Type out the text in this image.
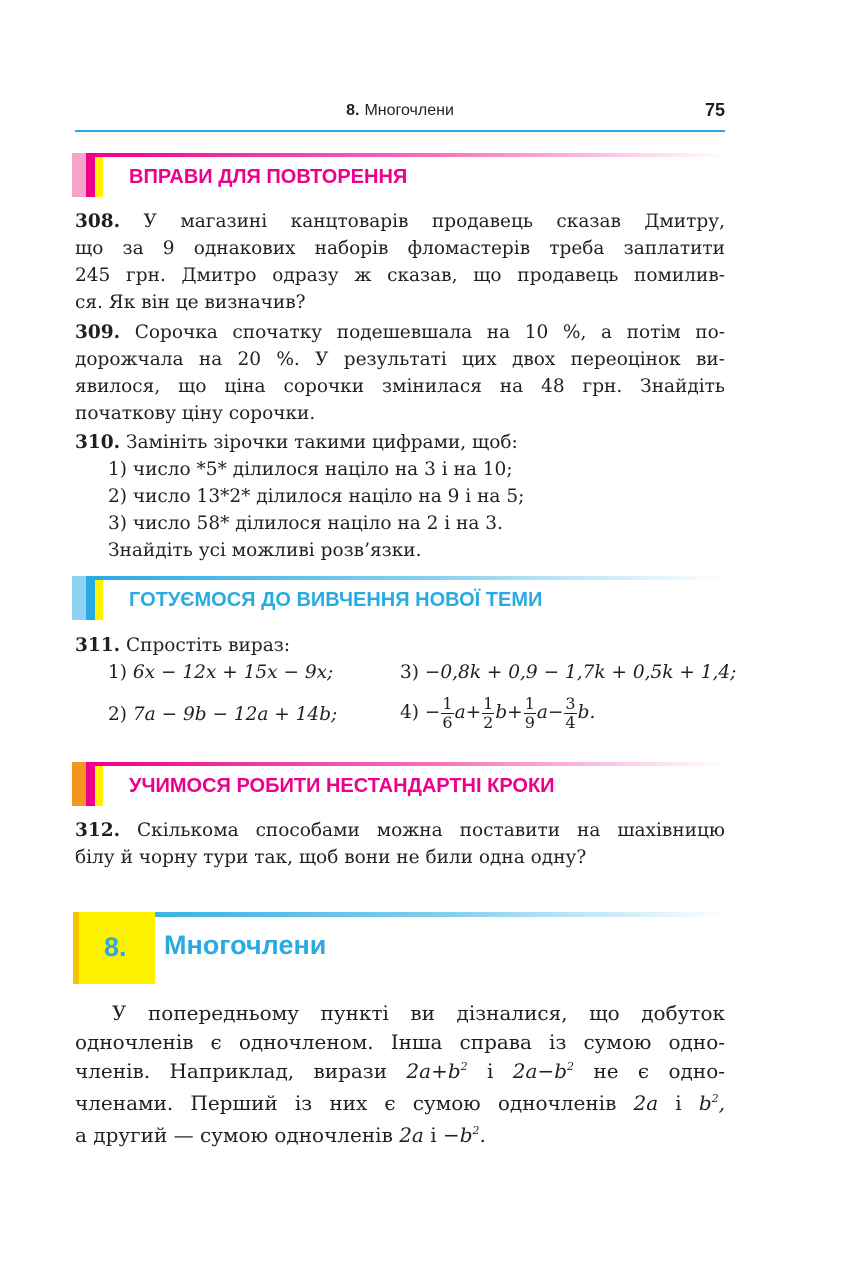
8. Многочлени	75
ВПРАВИ ДЛЯ ПОВТОРЕННЯ
308. У магазині канцтоварів продавець сказав Дмитру,
що за 9 однакових наборів фломастерів треба заплатити
245 грн. Дмитро одразу ж сказав, що продавець помилив-
ся. Як він це визначив?
309. Сорочка спочатку подешевшала на 10 %, а потім по-
дорожчала на 20 %. У результаті цих двох переоцінок ви-
явилося, що ціна сорочки змінилася на 48 грн. Знайдіть
початкову ціну сорочки.
310. Замініть зірочки такими цифрами, щоб:
1) число *5* ділилося націло на 3 і на 10;
2) число 13*2* ділилося націло на 9 і на 5;
3) число 58* ділилося націло на 2 і на 3.
Знайдіть усі можливі розв’язки.
ГОТУЄМОСЯ ДО ВИВЧЕННЯ НОВОЇ ТЕМИ
311. Спростіть вираз:
1) 6x − 12x + 15x − 9x;	3) −0,8k + 0,9 − 1,7k + 0,5k + 1,4;
2) 7a − 9b − 12a + 14b;	$4) - \frac{1}{6} a+ \frac{1}{2} b+ \frac{1}{9} a- \frac{3}{4} b$.
УЧИМОСЯ РОБИТИ НЕСТАНДАРТНІ КРОКИ
312. Скількома способами можна поставити на шахівницю
білу й чорну тури так, щоб вони не били одна одну?
8. Многочлени
У попередньому пункті ви дізналися, що добуток
одночленів є одночленом. Інша справа із сумою одно-
членів. Наприклад, вирази $2a+b^2$ і $2a-b^2$ не є одно-
членами. Перший із них є сумою одночленів 2a і $b^2$,
а другий — сумою одночленів 2a $і -b^2$.
